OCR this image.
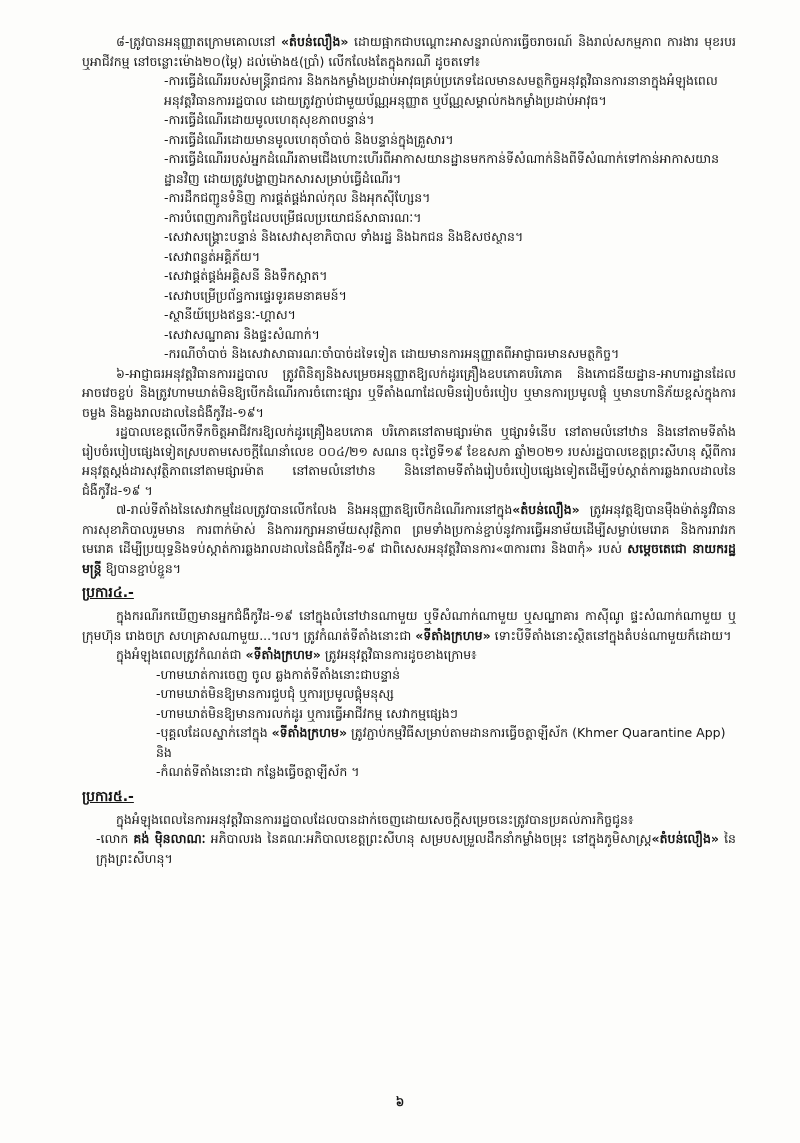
៨-ត្រូវបានអនុញ្ញាតក្រោមគោលនៅ «តំបន់លឿង» ដោយផ្អាកជាបណ្ដោះអាសន្នរាល់ការធ្វើចរាចរណ៍ និងរាល់សកម្មភាព ការងារ មុខរបរ ឬអាជីវកម្ម នៅចន្លោះម៉ោង២០(ម្ភៃ) ដល់ម៉ោង៥(ប្រាំ) លើកលែងតែក្នុងករណី ដូចតទៅ៖

-ការធ្វើដំណើររបស់មន្ត្រីរាជការ និងកងកម្លាំងប្រដាប់អាវុធគ្រប់ប្រភេទដែលមានសមត្ថកិច្ចអនុវត្តវិធានការនានាក្នុងអំឡុងពេលអនុវត្តវិធានការរដ្ឋបាល ដោយត្រូវភ្ជាប់ជាមួយប័ណ្ណអនុញ្ញាត ឬប័ណ្ណសម្គាល់កងកម្លាំងប្រដាប់អាវុធ។
-ការធ្វើដំណើរដោយមូលហេតុសុខភាពបន្ទាន់។
-ការធ្វើដំណើរដោយមានមូលហេតុចាំបាច់ និងបន្ទាន់ក្នុងគ្រួសារ។
-ការធ្វើដំណើររបស់អ្នកដំណើរតាមជើងហោះហើរពីអាកាសយានដ្ឋានមកកាន់ទីសំណាក់និងពីទីសំណាក់ទៅកាន់អាកាសយានដ្ឋានវិញ ដោយត្រូវបង្ហាញឯកសារសម្រាប់ធ្វើដំណើរ។
-ការដឹកជញ្ជូនទំនិញ ការផ្គត់ផ្គង់រាល់កុល និងអុកស៊ីហ្សែន។
-ការបំពេញភារកិច្ចដែលបម្រើផលប្រយោជន៍សាធារណៈ។
-សេវាសង្គ្រោះបន្ទាន់ និងសេវាសុខាភិបាល ទាំងរដ្ឋ និងឯកជន និងឱសថស្ថាន។
-សេវាពន្លត់អគ្គិភ័យ។
-សេវាផ្គត់ផ្គង់អគ្គិសនី និងទឹកស្អាត។
-សេវាបម្រើប្រព័ន្ធការផ្ទេរទូរគមនាគមន៍។
-ស្ថានីយ៍ប្រេងឥន្ធនៈ-ហ្គាស។
-សេវាសណ្ឋាគារ និងផ្ទះសំណាក់។
-ករណីចាំបាច់ និងសេវាសាធារណៈចាំបាច់ដទៃទៀត ដោយមានការអនុញ្ញាតពីអាជ្ញាធរមានសមត្ថកិច្ច។

៦-អាជ្ញាធរអនុវត្តវិធានការរដ្ឋបាល ត្រូវពិនិត្យនិងសម្រេចអនុញ្ញាតឱ្យលក់ដូរគ្រឿងឧបភោគបរិភោគ និងភោជនីយដ្ឋាន-អាហារដ្ឋានដែលអាចវេចខ្ចប់ និងត្រូវហាមឃាត់មិនឱ្យបើកដំណើរការចំពោះផ្សារ ឬទីតាំងណាដែលមិនរៀបចំរបៀប ឬមានការប្រមូលផ្តុំ ឬមានហានិភ័យខ្ពស់ក្នុងការចម្លង និងឆ្លងរាលដាលនៃជំងឺកូវីដ-១៩។

រដ្ឋបាលខេត្តលើកទឹកចិត្តអាជីវករឱ្យលក់ដូរគ្រឿងឧបភោគ បរិភោគនៅតាមផ្សារម៉ាត ឬផ្សារទំនើប នៅតាមលំនៅឋាន និងនៅតាមទីតាំងរៀបចំរបៀបផ្សេងទៀតស្របតាមសេចក្តីណែនាំលេខ ០០៤/២១ សណន ចុះថ្ងៃទី១៩ ខែឧសភា ឆ្នាំ២០២១ របស់រដ្ឋបាលខេត្តព្រះសីហនុ ស្តីពីការអនុវត្តស្តង់ដារសុវត្ថិភាពនៅតាមផ្សារម៉ាត នៅតាមលំនៅឋាន និងនៅតាមទីតាំងរៀបចំរបៀបផ្សេងទៀតដើម្បីទប់ស្កាត់ការឆ្លងរាលដាលនៃជំងឺកូវីដ-១៩ ។

៧-រាល់ទីតាំងនៃសេវាកម្មដែលត្រូវបានលើកលែង និងអនុញ្ញាតឱ្យបើកដំណើរការនៅក្នុង«តំបន់លឿង» ត្រូវអនុវត្តឱ្យបានម៉ឺងម៉ាត់នូវវិធានការសុខាភិបាលរួមមាន ការពាក់ម៉ាស់ និងការរក្សាអនាម័យសុវត្ថិភាព ព្រមទាំងប្រកាន់ខ្ជាប់នូវការធ្វើអនាម័យដើម្បីសម្លាប់មេរោគ និងការរាវរកមេរោគ ដើម្បីប្រយុទ្ធនិងទប់ស្កាត់ការឆ្លងរាលដាលនៃជំងឺកូវីដ-១៩ ជាពិសេសអនុវត្តវិធានការ«៣ការពារ និង៣កុំ» របស់ សម្តេចតេជោ នាយករដ្ឋមន្ត្រី ឱ្យបានខ្ជាប់ខ្ជួន។

ប្រការ៤.-

ក្នុងករណីរកឃើញមានអ្នកជំងឺកូវីដ-១៩ នៅក្នុងលំនៅឋានណាមួយ ឬទីសំណាក់ណាមួយ ឬសណ្ឋាគារ កាស៊ីណូ ផ្ទះសំណាក់ណាមួយ ឬក្រុមហ៊ុន រោងចក្រ សហគ្រាសណាមួយ...។ល។ ត្រូវកំណត់ទីតាំងនោះជា «ទីតាំងក្រហម» ទោះបីទីតាំងនោះស្ថិតនៅក្នុងតំបន់ណាមួយក៏ដោយ។

ក្នុងអំឡុងពេលត្រូវកំណត់ជា «ទីតាំងក្រហម» ត្រូវអនុវត្តវិធានការដូចខាងក្រោម៖

-ហាមឃាត់ការចេញ ចូល ឆ្លងកាត់ទីតាំងនោះជាបន្ទាន់
-ហាមឃាត់មិនឱ្យមានការជួបជុំ ឬការប្រមូលផ្តុំមនុស្ស
-ហាមឃាត់មិនឱ្យមានការលក់ដូរ ឬការធ្វើអាជីវកម្ម សេវាកម្មផ្សេងៗ
-បុគ្គលដែលស្នាក់នៅក្នុង «ទីតាំងក្រហម» ត្រូវភ្ជាប់កម្មវិធីសម្រាប់តាមដានការធ្វើចត្តាឡីស័ក (Khmer Quarantine App) និង
-កំណត់ទីតាំងនោះជា កន្លែងធ្វើចត្តាឡីស័ក ។
ប្រការ៥.-

ក្នុងអំឡុងពេលនៃការអនុវត្តវិធានការរដ្ឋបាលដែលបានដាក់ចេញដោយសេចក្តីសម្រេចនេះត្រូវបានប្រគល់ភារកិច្ចជូន៖

-លោក គង់ ម៉ិនលាណៈ អភិបាលរង នៃគណៈអភិបាលខេត្តព្រះសីហនុ សម្របសម្រួលដឹកនាំកម្លាំងចម្រុះ នៅក្នុងភូមិសាស្ត្រ«តំបន់លឿង» នៃក្រុងព្រះសីហនុ។

៦
